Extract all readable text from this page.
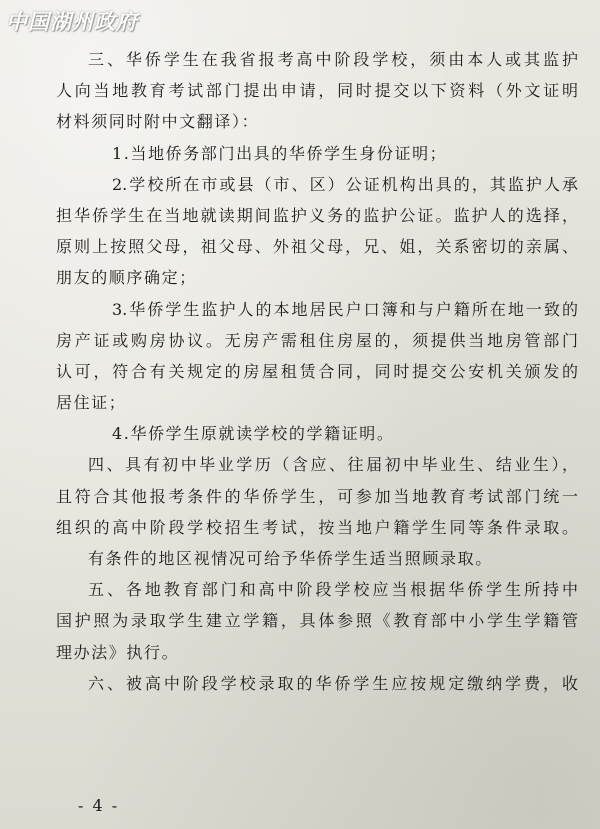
中国湖州政府
三、华侨学生在我省报考高中阶段学校，须由本人或其监护
人向当地教育考试部门提出申请，同时提交以下资料（外文证明
材料须同时附中文翻译）：
1.当地侨务部门出具的华侨学生身份证明；
2.学校所在市或县（市、区）公证机构出具的，其监护人承
担华侨学生在当地就读期间监护义务的监护公证。监护人的选择，
原则上按照父母，祖父母、外祖父母，兄、姐，关系密切的亲属、
朋友的顺序确定；
3.华侨学生监护人的本地居民户口簿和与户籍所在地一致的
房产证或购房协议。无房产需租住房屋的，须提供当地房管部门
认可，符合有关规定的房屋租赁合同，同时提交公安机关颁发的
居住证；
4.华侨学生原就读学校的学籍证明。
四、具有初中毕业学历（含应、往届初中毕业生、结业生），
且符合其他报考条件的华侨学生，可参加当地教育考试部门统一
组织的高中阶段学校招生考试，按当地户籍学生同等条件录取。
有条件的地区视情况可给予华侨学生适当照顾录取。
五、各地教育部门和高中阶段学校应当根据华侨学生所持中
国护照为录取学生建立学籍，具体参照《教育部中小学生学籍管
理办法》执行。
六、被高中阶段学校录取的华侨学生应按规定缴纳学费，收
- 4 -
